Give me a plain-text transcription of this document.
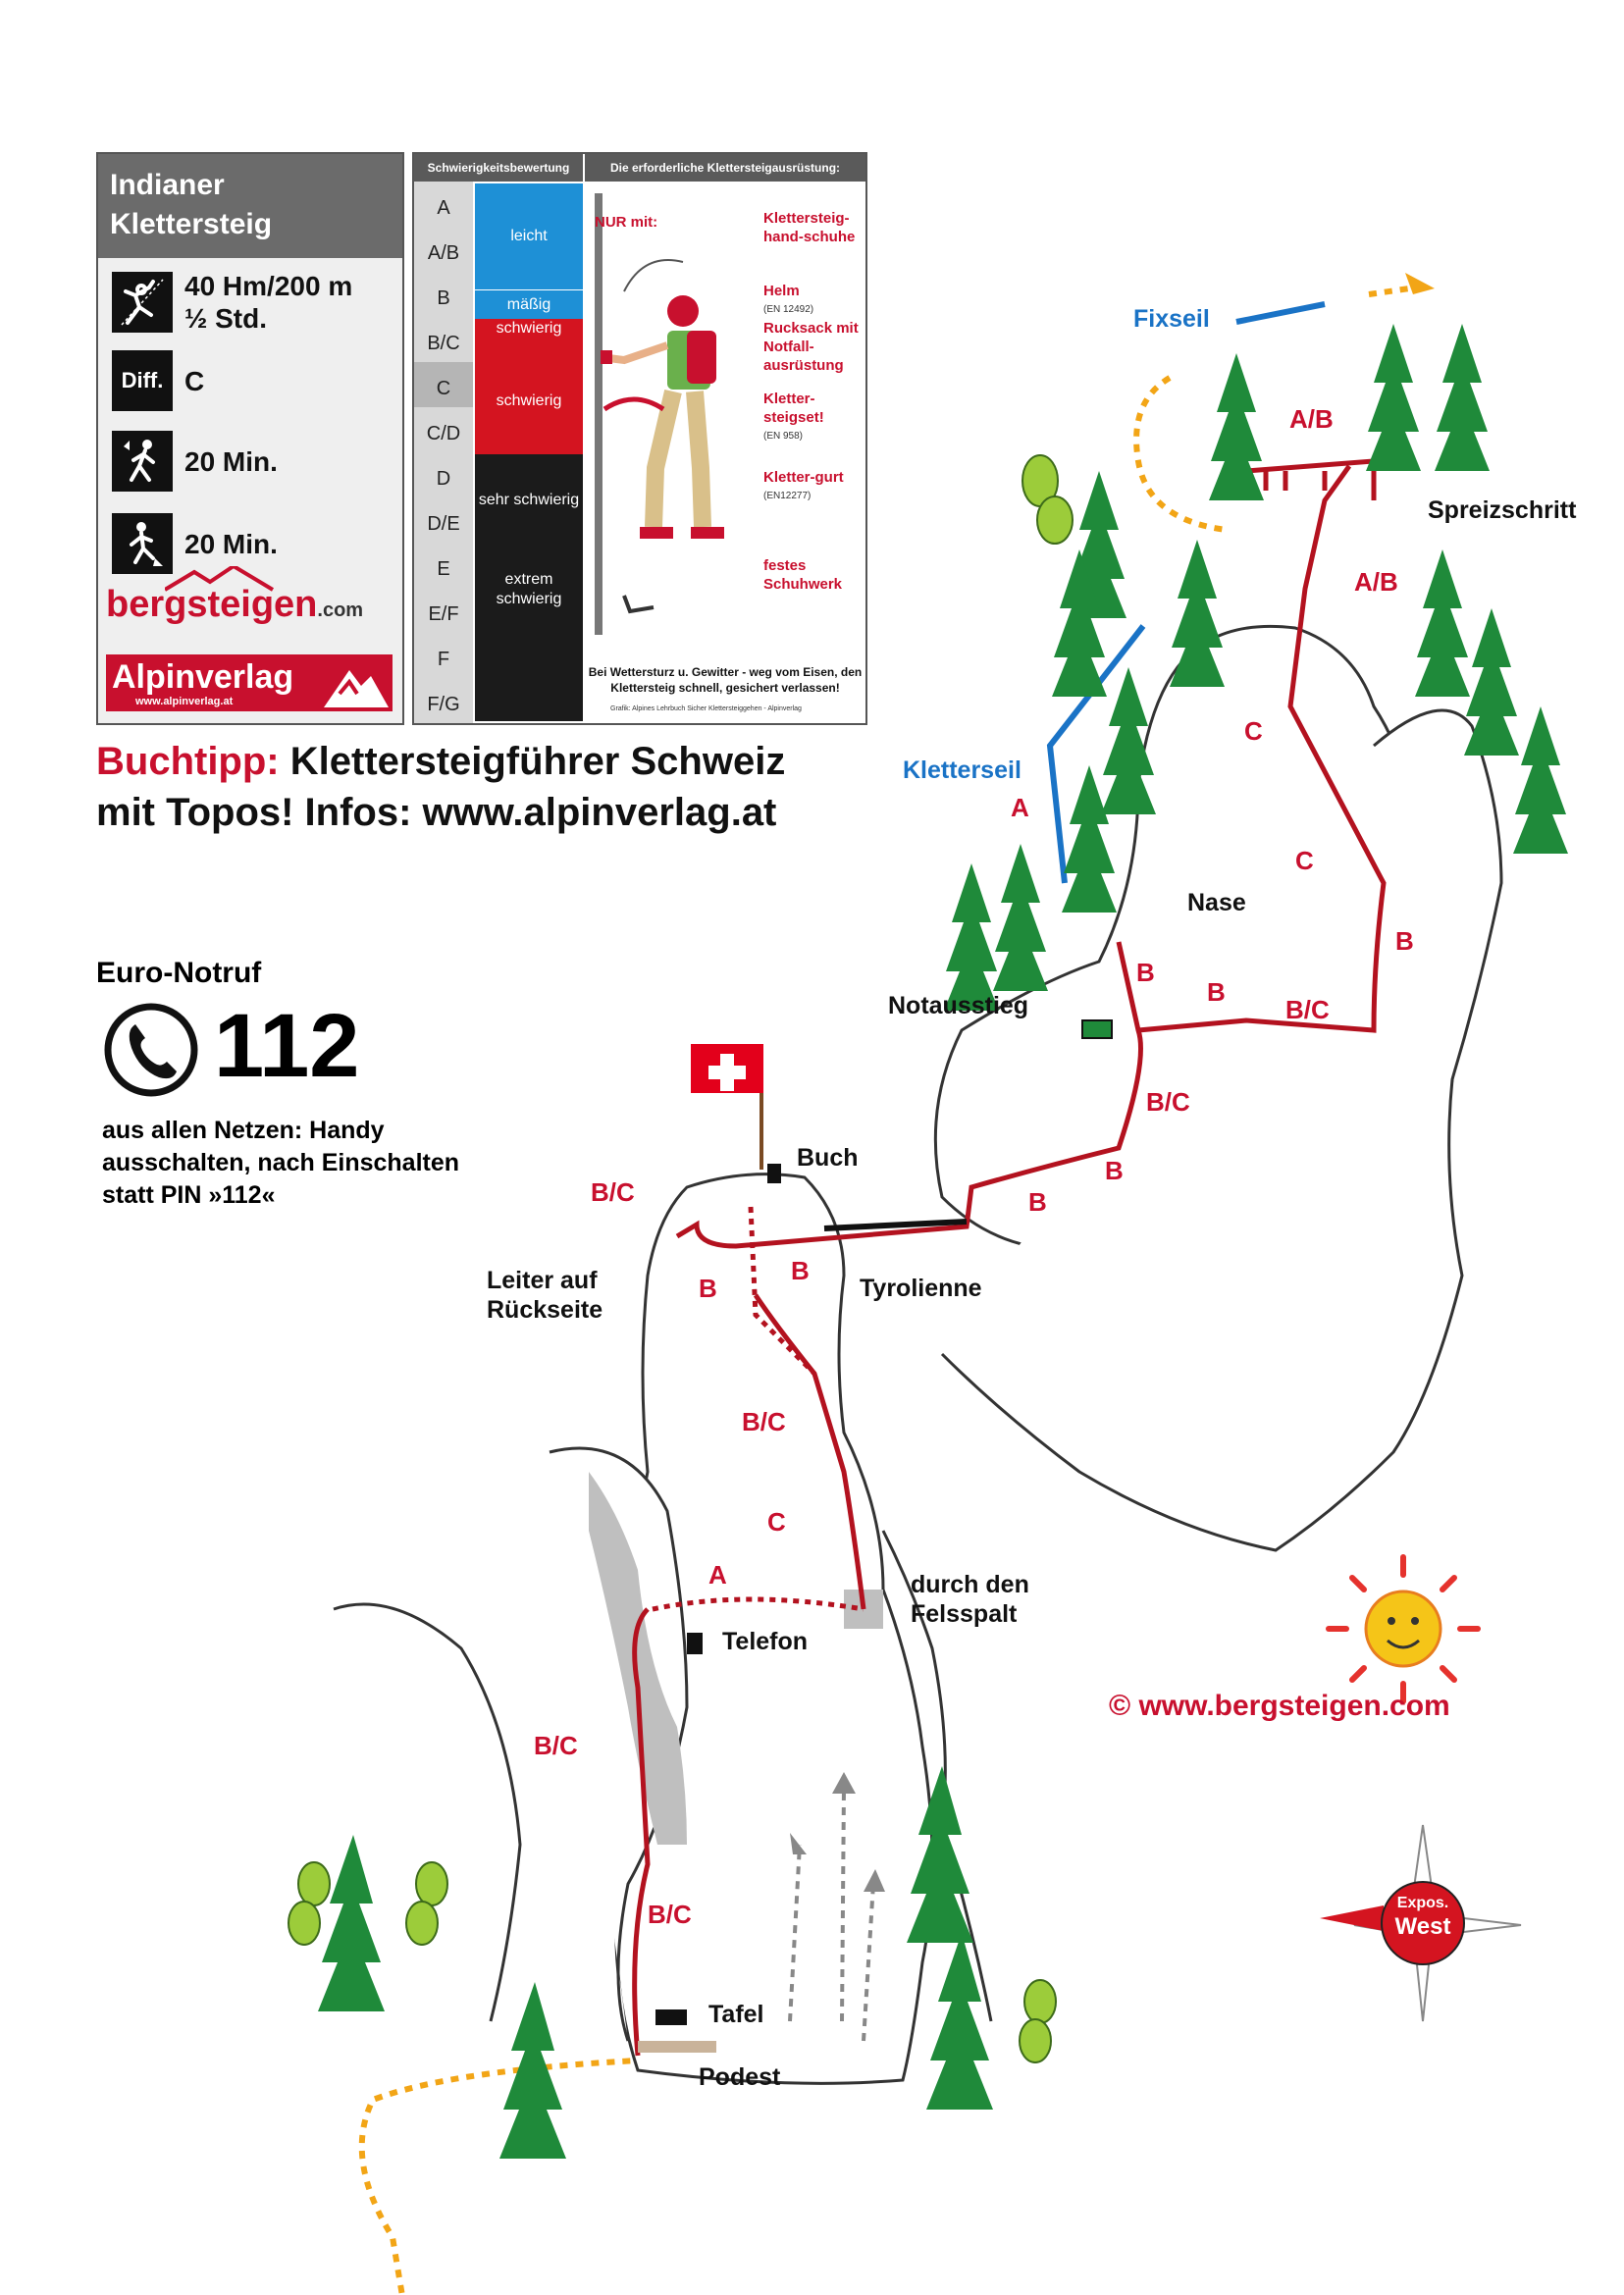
Indianer
Klettersteig
40 Hm/200 m
½ Std.
Diff. C
20 Min.
20 Min.
bergsteigen.com
Alpinverlag
www.alpinverlag.at
Schwierigkeitsbewertung	Die erforderliche Klettersteigausrüstung:
leicht
mäßig
schwierig
schwierig
sehr schwierig
extrem schwierig
NUR mit:	Klettersteig-hand-schuhe
Helm
(EN 12492)
Rucksack mit Notfall-ausrüstung
Kletter-steigset!
(EN 958)
Kletter-gurt
(EN12277)
festes Schuhwerk
Bei Wettersturz u. Gewitter - weg vom Eisen, den Klettersteig schnell, gesichert verlassen!
Grafik: Alpines Lehrbuch Sicher Klettersteiggehen - Alpinverlag
A
A/B
B
B/C
C
C/D
D
D/E
E
E/F
F
F/G
Buchtipp: Klettersteigführer Schweiz
mit Topos! Infos: www.alpinverlag.at
Euro-Notruf
112
aus allen Netzen: Handy
ausschalten, nach Einschalten
statt PIN »112«
Fixseil
Spreizschritt
Kletterseil
Nase
Notausstieg
Buch
Tyrolienne
Leiter auf
Rückseite
durch den
Felsspalt
Telefon
Tafel
Podest
A/B
A/B
C
C
A
B
B
B
B/C
B/C
B
B
B/C
B
B
B/C
C
A
B/C
B/C
© www.bergsteigen.com
Expos.
West
